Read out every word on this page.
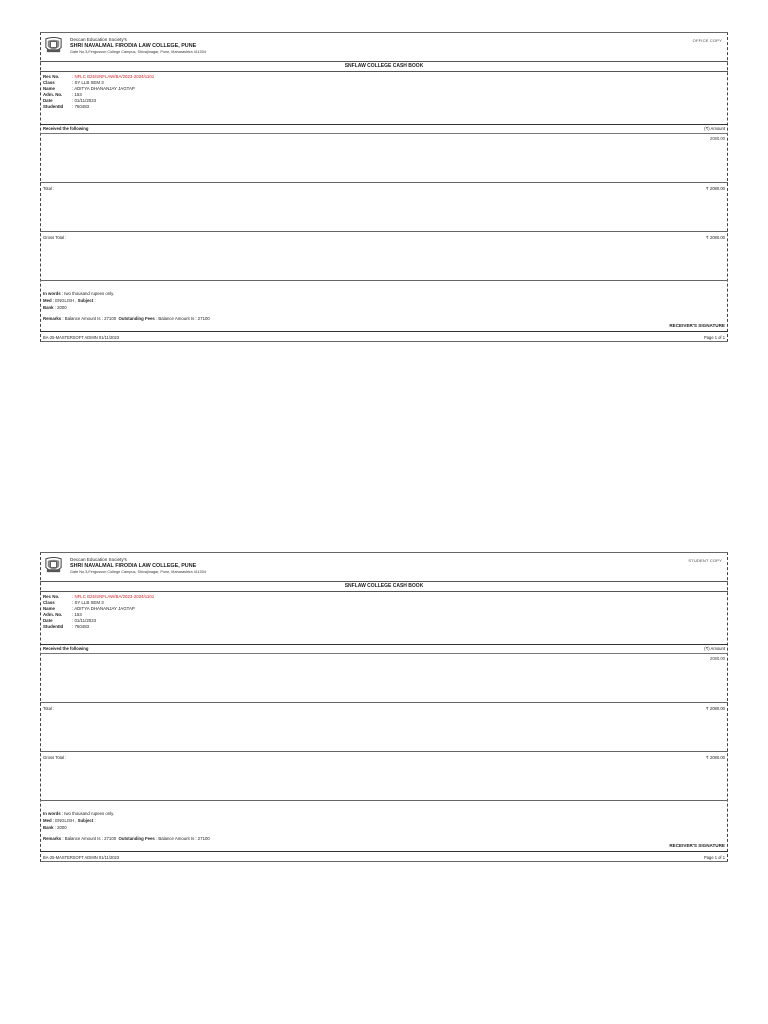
Deccan Education Society's
SHRI NAVALMAL FIRODIA LAW COLLEGE, PUNE
Gate No.3,Fergusson College Campus, Shivajinagar, Pune, Maharashtra 411004
OFFICE COPY
SNFLAW COLLEGE CASH BOOK
Rec No.	: NFLC B25/SNFLAW/BA/2023-2024/1101
Class	: SY LLB SEM 3
Name	: ADITYA DHANANJAY JAGTAP
Adm. No. : 153
Date	: 01/11/2023
StudentId : 760483
Received the following	(₹) Amount
2080.00
Total :	₹ 2080.00
Gross Total :	₹ 2080.00
In words : two thousand rupees only.
Med : ENGLISH , Subject :
Bank : 2000
Remarks : Balance Amount Is : 27100 Outstanding Fees : Balance Amount Is : 27100
RECEIVER'S SIGNATURE
BA-25-MASTERSOFT ADMIN 01/11/2023	Page 1 of 1
Deccan Education Society's
SHRI NAVALMAL FIRODIA LAW COLLEGE, PUNE
Gate No.3,Fergusson College Campus, Shivajinagar, Pune, Maharashtra 411004
STUDENT COPY
SNFLAW COLLEGE CASH BOOK
Rec No.	: NFLC B25/SNFLAW/BA/2023-2024/1101
Class	: SY LLB SEM 3
Name	: ADITYA DHANANJAY JAGTAP
Adm. No. : 153
Date	: 01/11/2023
StudentId : 760483
Received the following	(₹) Amount
2080.00
Total :	₹ 2080.00
Gross Total :	₹ 2080.00
In words : two thousand rupees only.
Med : ENGLISH , Subject :
Bank : 2000
Remarks : Balance Amount Is : 27100 Outstanding Fees : Balance Amount Is : 27100
RECEIVER'S SIGNATURE
BA-25-MASTERSOFT ADMIN 01/11/2023	Page 1 of 1
